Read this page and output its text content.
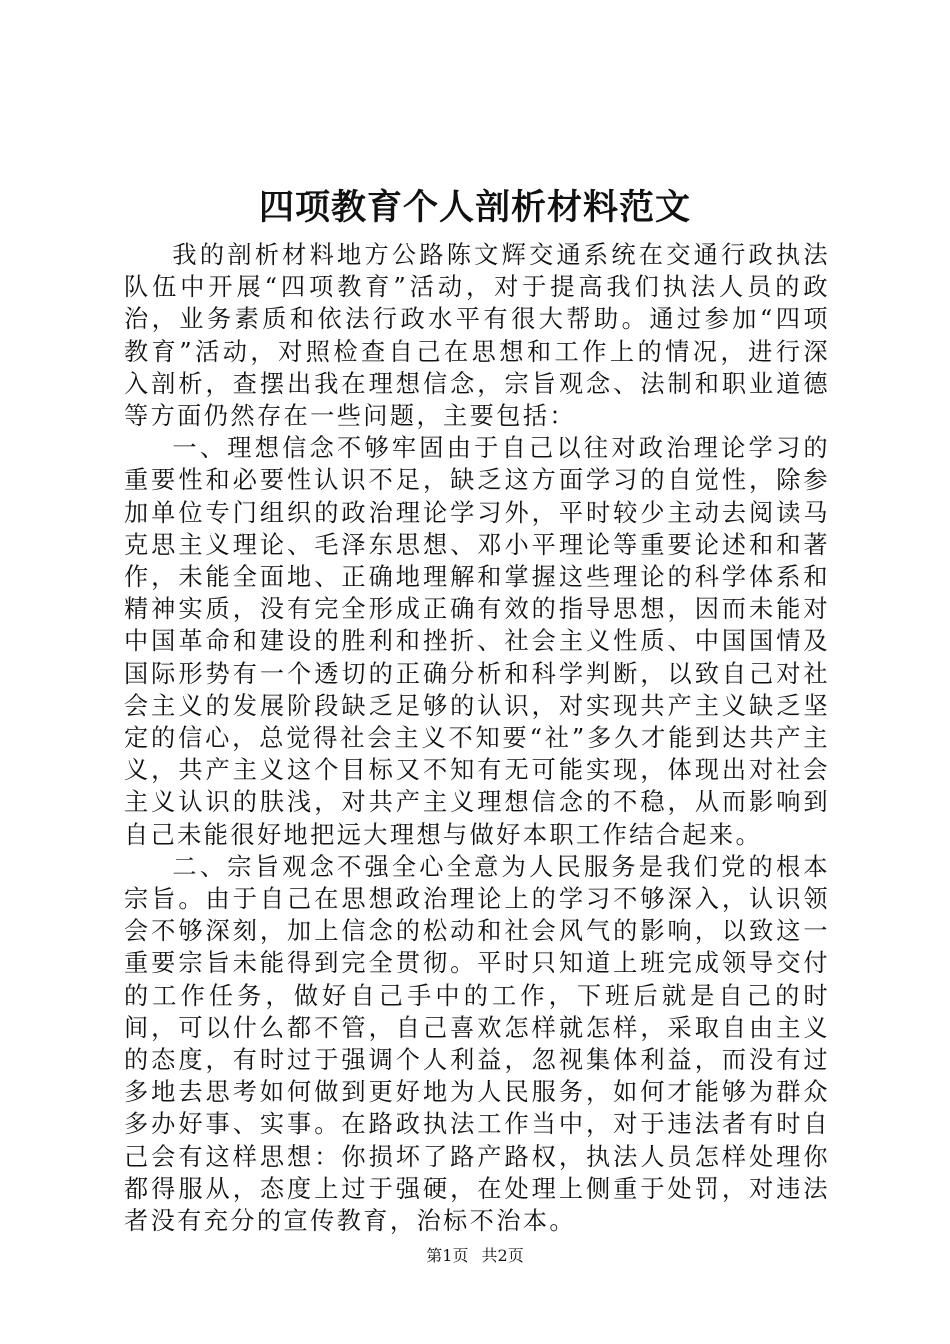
四项教育个人剖析材料范文

我的剖析材料地方公路陈文辉交通系统在交通行政执法队伍中开展“四项教育”活动，对于提高我们执法人员的政治，业务素质和依法行政水平有很大帮助。通过参加“四项教育”活动，对照检查自己在思想和工作上的情况，进行深入剖析，查摆出我在理想信念，宗旨观念、法制和职业道德等方面仍然存在一些问题，主要包括：

一、理想信念不够牢固由于自己以往对政治理论学习的重要性和必要性认识不足，缺乏这方面学习的自觉性，除参加单位专门组织的政治理论学习外，平时较少主动去阅读马克思主义理论、毛泽东思想、邓小平理论等重要论述和和著作，未能全面地、正确地理解和掌握这些理论的科学体系和精神实质，没有完全形成正确有效的指导思想，因而未能对中国革命和建设的胜利和挫折、社会主义性质、中国国情及国际形势有一个透切的正确分析和科学判断，以致自己对社会主义的发展阶段缺乏足够的认识，对实现共产主义缺乏坚定的信心，总觉得社会主义不知要“社”多久才能到达共产主义，共产主义这个目标又不知有无可能实现，体现出对社会主义认识的肤浅，对共产主义理想信念的不稳，从而影响到自己未能很好地把远大理想与做好本职工作结合起来。

二、宗旨观念不强全心全意为人民服务是我们党的根本宗旨。由于自己在思想政治理论上的学习不够深入，认识领会不够深刻，加上信念的松动和社会风气的影响，以致这一重要宗旨未能得到完全贯彻。平时只知道上班完成领导交付的工作任务，做好自己手中的工作，下班后就是自己的时间，可以什么都不管，自己喜欢怎样就怎样，采取自由主义的态度，有时过于强调个人利益，忽视集体利益，而没有过多地去思考如何做到更好地为人民服务，如何才能够为群众多办好事、实事。在路政执法工作当中，对于违法者有时自己会有这样思想：你损坏了路产路权，执法人员怎样处理你都得服从，态度上过于强硬，在处理上侧重于处罚，对违法者没有充分的宣传教育，治标不治本。

第1页 共2页
